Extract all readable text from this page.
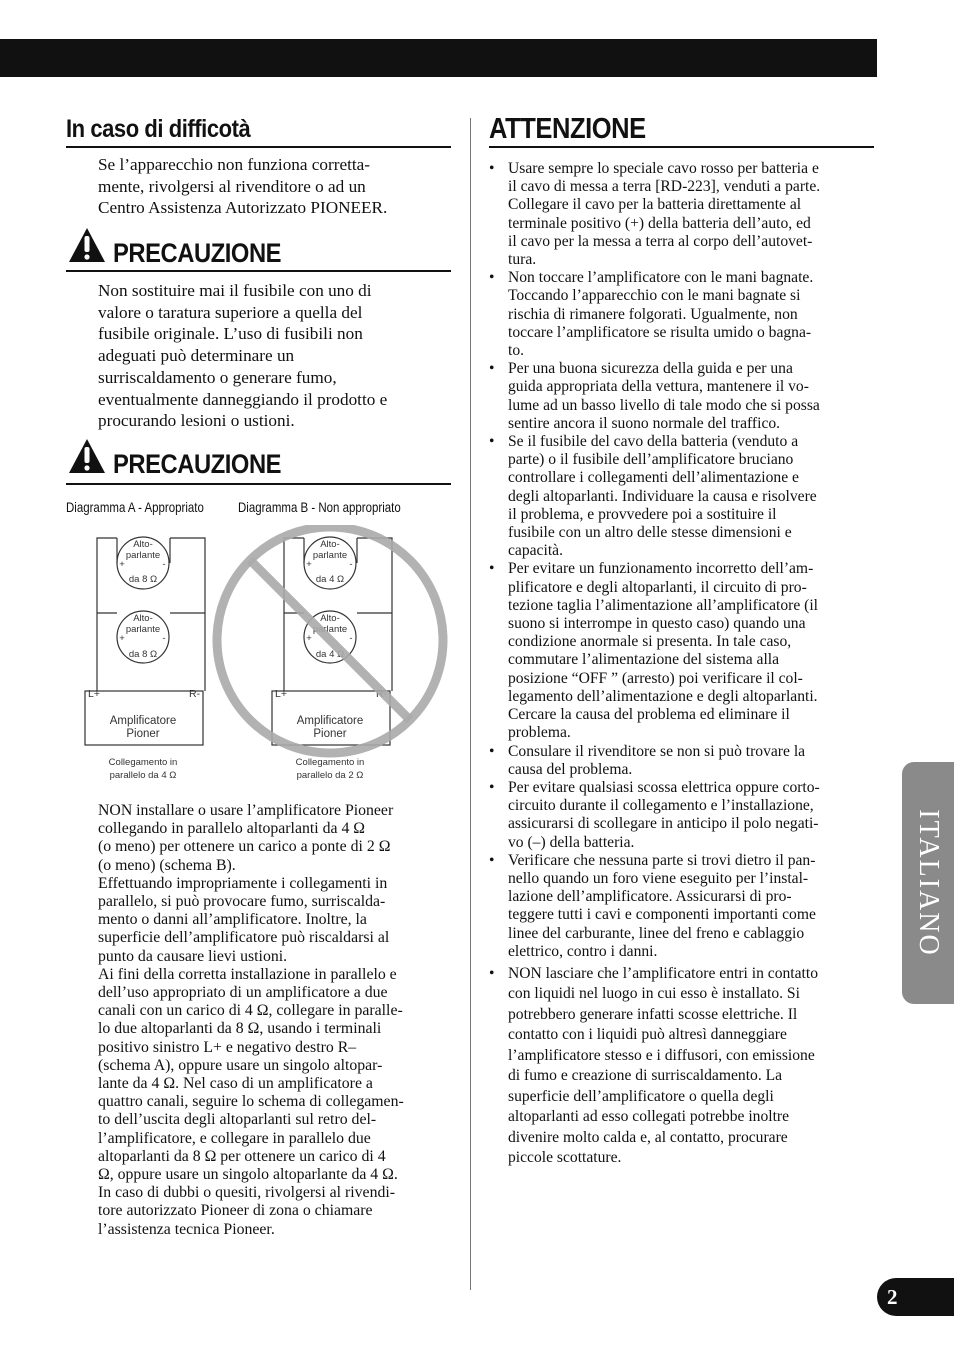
In caso di difficotà

Se l’apparecchio non funziona corretta-

mente, rivolgersi al rivenditore o ad un

Centro Assistenza Autorizzato PIONEER.

PRECAUZIONE

Non sostituire mai il fusibile con uno di

valore o taratura superiore a quella del

fusibile originale. L’uso di fusibili non

adeguati può determinare un

surriscaldamento o generare fumo,

eventualmente danneggiando il prodotto e

procurando lesioni o ustioni.

PRECAUZIONE
Diagramma A - Appropriato Diagramma B - Non appropriato
Alto-
parlante
+	-
da 8 Ω
Alto-
parlante
+	-
da 8 Ω
Alto-
parlante
+	-
da 4 Ω
Alto-
parlante
+	-
da 4 Ω
L+	R-	L+	R-
Amplificatore
Pioner
Amplificatore
Pioner
Collegamento in
parallelo da 4 Ω
Collegamento in
parallelo da 2 Ω

NON installare o usare l’amplificatore Pioneer

collegando in parallelo altoparlanti da 4 Ω

(o meno) per ottenere un carico a ponte di 2 Ω

(o meno) (schema B).

Effettuando impropriamente i collegamenti in

parallelo, si può provocare fumo, surriscalda-

mento o danni all’amplificatore. Inoltre, la

superficie dell’amplificatore può riscaldarsi al

punto da causare lievi ustioni.

Ai fini della corretta installazione in parallelo e

dell’uso appropriato di un amplificatore a due

canali con un carico di 4 Ω, collegare in paralle-

lo due altoparlanti da 8 Ω, usando i terminali

positivo sinistro L+ e negativo destro R–

(schema A), oppure usare un singolo altopar-

lante da 4 Ω. Nel caso di un amplificatore a

quattro canali, seguire lo schema di collegamen-

to dell’uscita degli altoparlanti sul retro del-

l’amplificatore, e collegare in parallelo due

altoparlanti da 8 Ω per ottenere un carico di 4

Ω, oppure usare un singolo altoparlante da 4 Ω.

In caso di dubbi o quesiti, rivolgersi al rivendi-

tore autorizzato Pioneer di zona o chiamare

l’assistenza tecnica Pioneer.

ATTENZIONE
• Usare sempre lo speciale cavo rosso per batteria e
il cavo di messa a terra [RD-223], venduti a parte.
Collegare il cavo per la batteria direttamente al
terminale positivo (+) della batteria dell’auto, ed
il cavo per la messa a terra al corpo dell’autovet-
tura.
• Non toccare l’amplificatore con le mani bagnate.
Toccando l’apparecchio con le mani bagnate si
rischia di rimanere folgorati. Ugualmente, non
toccare l’amplificatore se risulta umido o bagna-
to.
• Per una buona sicurezza della guida e per una
guida appropriata della vettura, mantenere il vo-
lume ad un basso livello di tale modo che si possa
sentire ancora il suono normale del traffico.
• Se il fusibile del cavo della batteria (venduto a
parte) o il fusibile dell’amplificatore bruciano
controllare i collegamenti dell’alimentazione e
degli altoparlanti. Individuare la causa e risolvere
il problema, e provvedere poi a sostituire il
fusibile con un altro delle stesse dimensioni e
capacità.
• Per evitare un funzionamento incorretto dell’am-
plificatore e degli altoparlanti, il circuito di pro-
tezione taglia l’alimentazione all’amplificatore (il
suono si interrompe in questo caso) quando una
condizione anormale si presenta. In tale caso,
commutare l’alimentazione del sistema alla
posizione “OFF ” (arresto) poi verificare il col-
legamento dell’alimentazione e degli altoparlanti.
Cercare la causa del problema ed eliminare il
problema.
• Consulare il rivenditore se non si può trovare la
causa del problema.
• Per evitare qualsiasi scossa elettrica oppure corto-
circuito durante il collegamento e l’installazione,
assicurarsi di scollegare in anticipo il polo negati-
vo (–) della batteria.
• Verificare che nessuna parte si trovi dietro il pan-
nello quando un foro viene eseguito per l’instal-
lazione dell’amplificatore. Assicurarsi di pro-
teggere tutti i cavi e componenti importanti come
linee del carburante, linee del freno e cablaggio
elettrico, contro i danni.
• NON lasciare che l’amplificatore entri in contatto
con liquidi nel luogo in cui esso è installato. Si
potrebbero generare infatti scosse elettriche. Il
contatto con i liquidi può altresì danneggiare
l’amplificatore stesso e i diffusori, con emissione
di fumo e creazione di surriscaldamento. La
superficie dell’amplificatore o quella degli
altoparlanti ad esso collegati potrebbe inoltre
divenire molto calda e, al contatto, procurare
piccole scottature.
ITALIANO
2
